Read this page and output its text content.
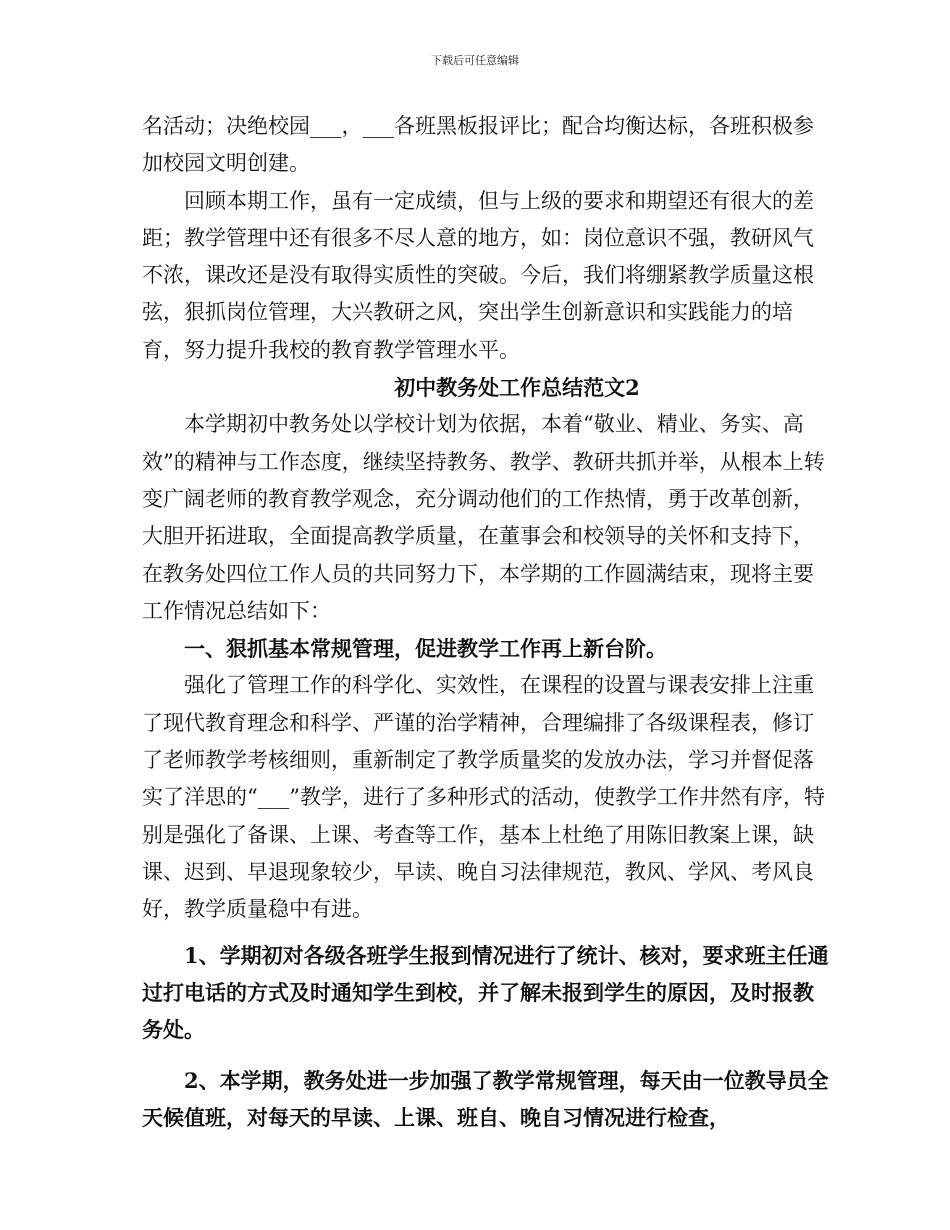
下载后可任意编辑

名活动；决绝校园___，___各班黑板报评比；配合均衡达标，各班积极参加校园文明创建。

回顾本期工作，虽有一定成绩，但与上级的要求和期望还有很大的差距；教学管理中还有很多不尽人意的地方，如：岗位意识不强，教研风气不浓，课改还是没有取得实质性的突破。今后，我们将绷紧教学质量这根弦，狠抓岗位管理，大兴教研之风，突出学生创新意识和实践能力的培育，努力提升我校的教育教学管理水平。

初中教务处工作总结范文2

本学期初中教务处以学校计划为依据，本着“敬业、精业、务实、高效”的精神与工作态度，继续坚持教务、教学、教研共抓并举，从根本上转变广阔老师的教育教学观念，充分调动他们的工作热情，勇于改革创新，大胆开拓进取，全面提高教学质量，在董事会和校领导的关怀和支持下，在教务处四位工作人员的共同努力下，本学期的工作圆满结束，现将主要工作情况总结如下：

一、狠抓基本常规管理，促进教学工作再上新台阶。

强化了管理工作的科学化、实效性，在课程的设置与课表安排上注重了现代教育理念和科学、严谨的治学精神，合理编排了各级课程表，修订了老师教学考核细则，重新制定了教学质量奖的发放办法，学习并督促落实了洋思的“___”教学，进行了多种形式的活动，使教学工作井然有序，特别是强化了备课、上课、考查等工作，基本上杜绝了用陈旧教案上课，缺课、迟到、早退现象较少，早读、晚自习法律规范，教风、学风、考风良好，教学质量稳中有进。

1、学期初对各级各班学生报到情况进行了统计、核对，要求班主任通过打电话的方式及时通知学生到校，并了解未报到学生的原因，及时报教务处。

2、本学期，教务处进一步加强了教学常规管理，每天由一位教导员全天候值班，对每天的早读、上课、班自、晚自习情况进行检查，
